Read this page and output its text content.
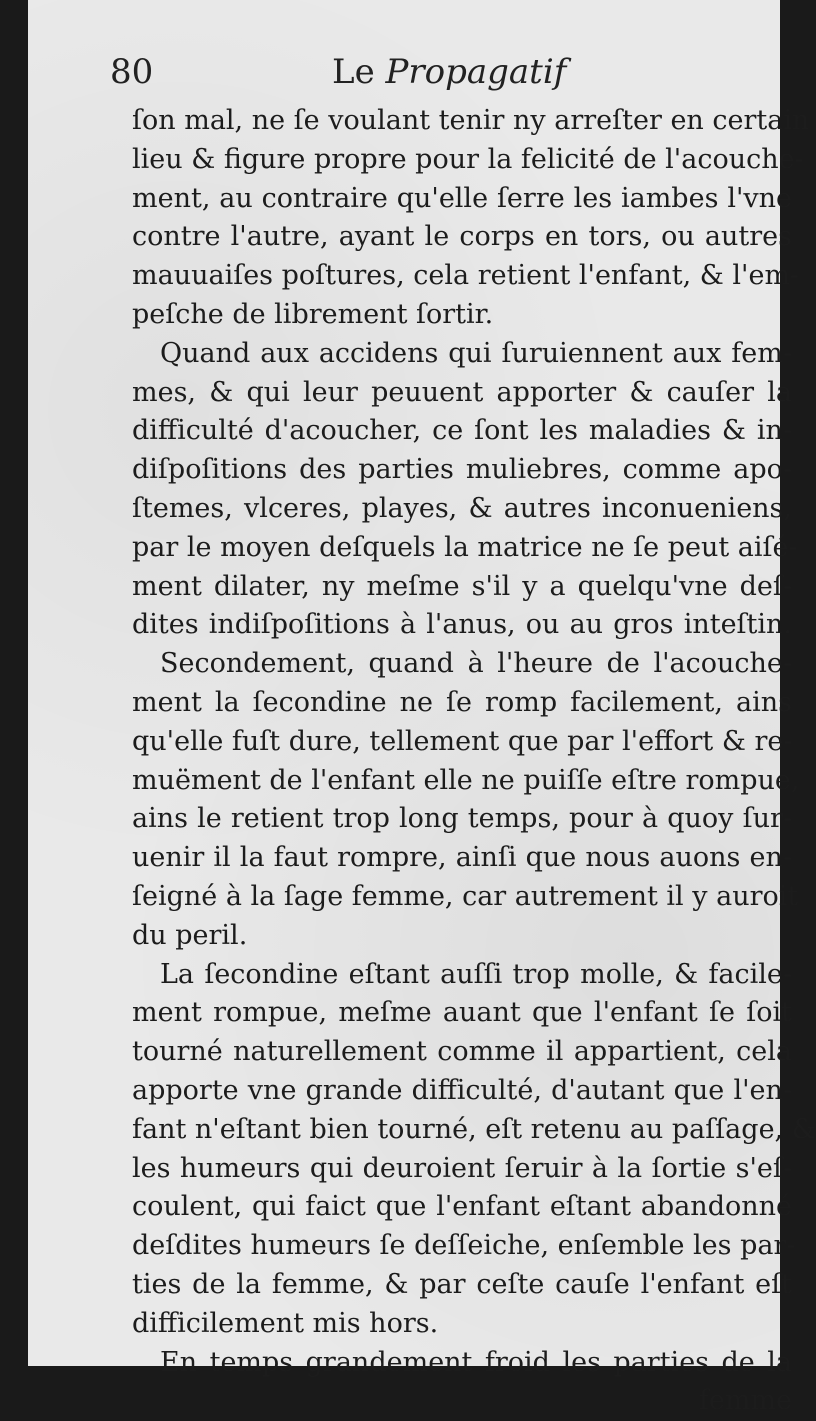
80	Le Propagatif
ſon mal, ne ſe voulant tenir ny arreſter en certain
lieu & figure propre pour la felicité de l'acouche-
ment, au contraire qu'elle ſerre les iambes l'vne
contre l'autre, ayant le corps en tors, ou autres
mauuaiſes poſtures, cela retient l'enfant, & l'em-
peſche de librement ſortir.
Quand aux accidens qui ſuruiennent aux fem-
mes, & qui leur peuuent apporter & cauſer la
difficulté d'acoucher, ce ſont les maladies & in-
diſpoſitions des parties muliebres, comme apo-
ſtemes, vlceres, playes, & autres inconueniens,
par le moyen deſquels la matrice ne ſe peut aiſé-
ment dilater, ny meſme s'il y a quelqu'vne deſ-
dites indiſpoſitions à l'anus, ou au gros inteſtin.
Secondement, quand à l'heure de l'acouche-
ment la ſecondine ne ſe romp facilement, ains
qu'elle fuſt dure, tellement que par l'effort & re-
muëment de l'enfant elle ne puiſſe eſtre rompue,
ains le retient trop long temps, pour à quoy ſur-
uenir il la faut rompre, ainſi que nous auons en-
ſeigné à la ſage femme, car autrement il y auroit
du peril.
La ſecondine eſtant auſſi trop molle, & facile-
ment rompue, meſme auant que l'enfant ſe ſoit
tourné naturellement comme il appartient, cela
apporte vne grande difficulté, d'autant que l'en-
fant n'eſtant bien tourné, eſt retenu au paſſage, &
les humeurs qui deuroient ſeruir à la ſortie s'eſ-
coulent, qui faict que l'enfant eſtant abandonné
deſdites humeurs ſe deſſeiche, enſemble les par-
ties de la femme, & par ceſte cauſe l'enfant eſt
difficilement mis hors.
En temps grandement froid les parties de la
femme
